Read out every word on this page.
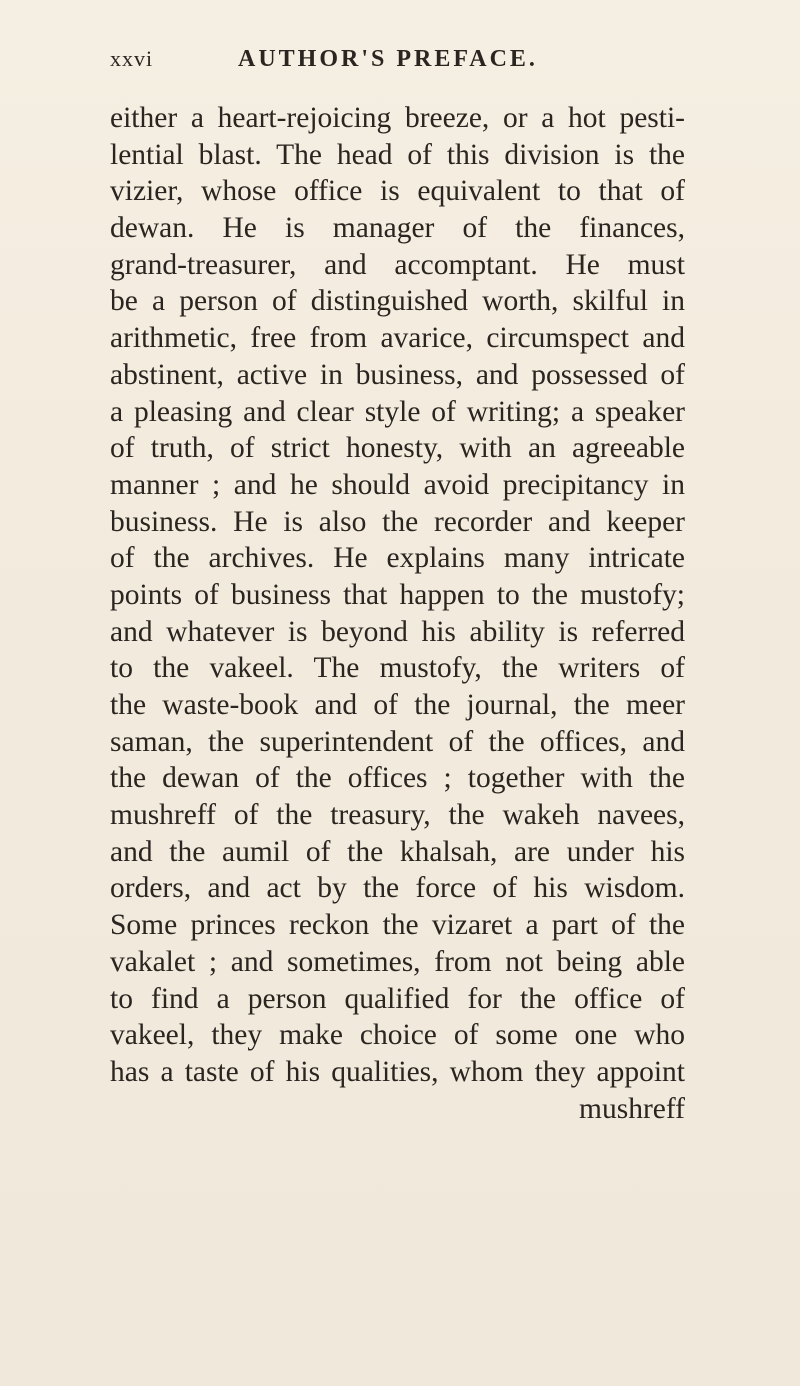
xxvi	AUTHOR'S PREFACE.
either a heart-rejoicing breeze, or a hot pesti-
lential blast. The head of this division is the
vizier, whose office is equivalent to that of
dewan. He is manager of the finances,
grand-treasurer, and accomptant. He must
be a person of distinguished worth, skilful in
arithmetic, free from avarice, circumspect and
abstinent, active in business, and possessed of
a pleasing and clear style of writing; a speaker
of truth, of strict honesty, with an agreeable
manner ; and he should avoid precipitancy in
business. He is also the recorder and keeper
of the archives. He explains many intricate
points of business that happen to the mustofy;
and whatever is beyond his ability is referred
to the vakeel. The mustofy, the writers of
the waste-book and of the journal, the meer
saman, the superintendent of the offices, and
the dewan of the offices ; together with the
mushreff of the treasury, the wakeh navees,
and the aumil of the khalsah, are under his
orders, and act by the force of his wisdom.
Some princes reckon the vizaret a part of the
vakalet ; and sometimes, from not being able
to find a person qualified for the office of
vakeel, they make choice of some one who
has a taste of his qualities, whom they appoint
mushreff
